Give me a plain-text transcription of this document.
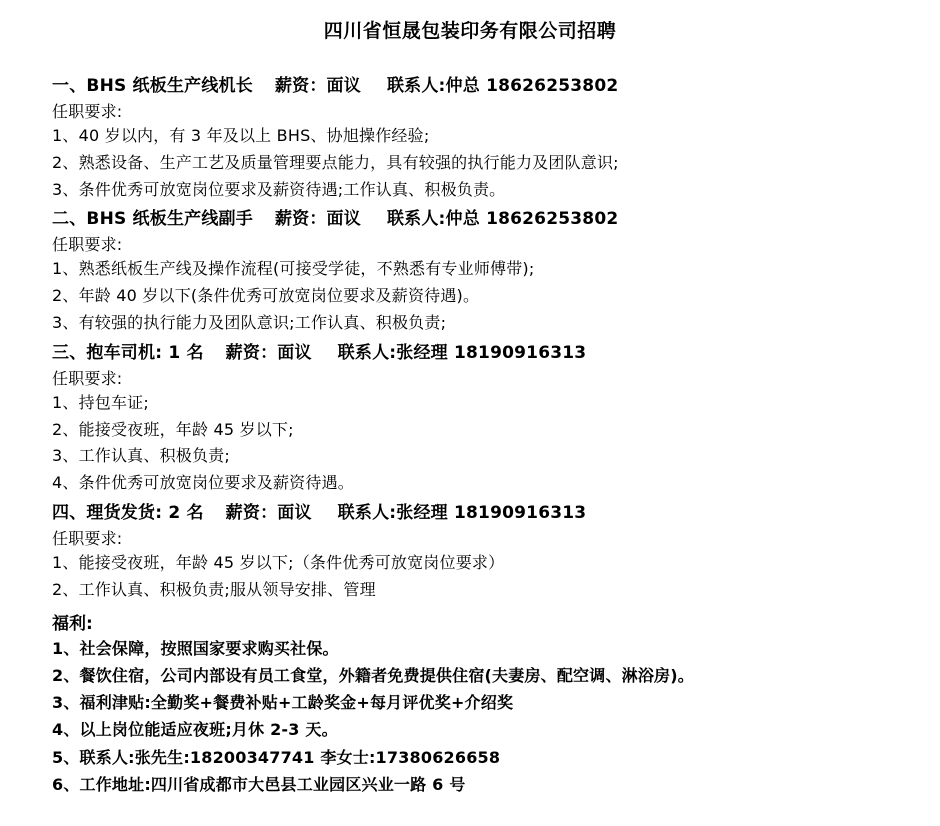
四川省恒晟包装印务有限公司招聘
一、BHS 纸板生产线机长 薪资：面议 联系人:仲总 18626253802
任职要求:
1、40 岁以内，有 3 年及以上 BHS、协旭操作经验;
2、熟悉设备、生产工艺及质量管理要点能力，具有较强的执行能力及团队意识;
3、条件优秀可放宽岗位要求及薪资待遇;工作认真、积极负责。
二、BHS 纸板生产线副手 薪资：面议 联系人:仲总 18626253802
任职要求:
1、熟悉纸板生产线及操作流程(可接受学徒，不熟悉有专业师傅带);
2、年龄 40 岁以下(条件优秀可放宽岗位要求及薪资待遇)。
3、有较强的执行能力及团队意识;工作认真、积极负责;
三、抱车司机: 1 名 薪资：面议 联系人:张经理 18190916313
任职要求:
1、持包车证;
2、能接受夜班，年龄 45 岁以下;
3、工作认真、积极负责;
4、条件优秀可放宽岗位要求及薪资待遇。
四、理货发货: 2 名 薪资：面议 联系人:张经理 18190916313
任职要求:
1、能接受夜班，年龄 45 岁以下;（条件优秀可放宽岗位要求）
2、工作认真、积极负责;服从领导安排、管理
福利:
1、社会保障，按照国家要求购买社保。
2、餐饮住宿，公司内部设有员工食堂，外籍者免费提供住宿(夫妻房、配空调、淋浴房)。
3、福利津贴:全勤奖+餐费补贴+工龄奖金+每月评优奖+介绍奖
4、以上岗位能适应夜班;月休 2-3 天。
5、联系人:张先生:18200347741 李女士:17380626658
6、工作地址:四川省成都市大邑县工业园区兴业一路 6 号
